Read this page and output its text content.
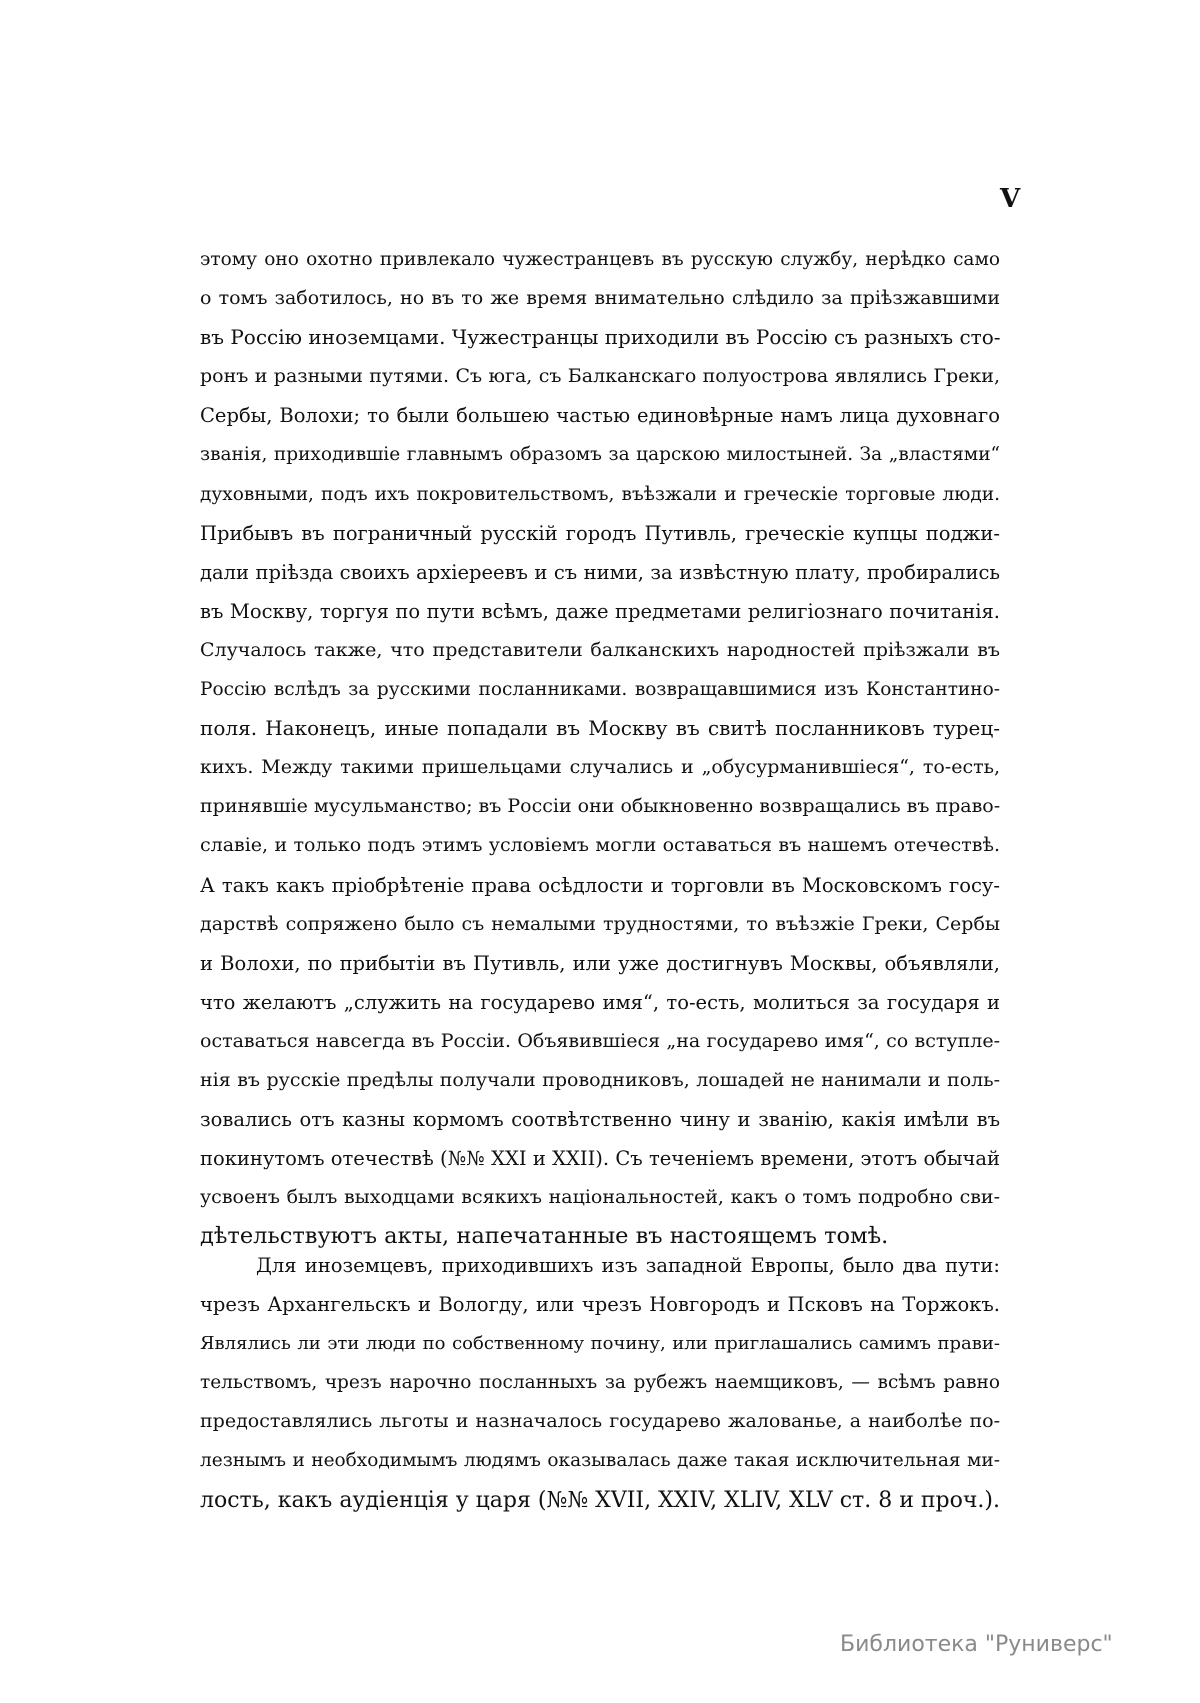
V
этому оно охотно привлекало чужестранцевъ въ русскую службу, нерѣдко само
о томъ заботилось, но въ то же время внимательно слѣдило за прiѣзжавшими
въ Россiю иноземцами. Чужестранцы приходили въ Россiю съ разныхъ сто-
ронъ и разными путями. Съ юга, съ Балканскаго полуострова являлись Греки,
Сербы, Волохи; то были большею частью единовѣрные намъ лица духовнаго
званiя, приходившiе главнымъ образомъ за царскою милостыней. За „властями“
духовными, подъ ихъ покровительствомъ, въѣзжали и греческiе торговые люди.
Прибывъ въ пограничный русскiй городъ Путивль, греческiе купцы поджи-
дали прiѣзда своихъ архiереевъ и съ ними, за извѣстную плату, пробирались
въ Москву, торгуя по пути всѣмъ, даже предметами религiознаго почитанiя.
Случалось также, что представители балканскихъ народностей прiѣзжали въ
Россiю вслѣдъ за русскими посланниками. возвращавшимися изъ Константино-
поля. Наконецъ, иные попадали въ Москву въ свитѣ посланниковъ турец-
кихъ. Между такими пришельцами случались и „обусурманившiеся“, то-есть,
принявшiе мусульманство; въ Россiи они обыкновенно возвращались въ право-
славiе, и только подъ этимъ условiемъ могли оставаться въ нашемъ отечествѣ.
А такъ какъ прiобрѣтенiе права осѣдлости и торговли въ Московскомъ госу-
дарствѣ сопряжено было съ немалыми трудностями, то въѣзжiе Греки, Сербы
и Волохи, по прибытiи въ Путивль, или уже достигнувъ Москвы, объявляли,
что желаютъ „служить на государево имя“, то-есть, молиться за государя и
оставаться навсегда въ Россiи. Объявившiеся „на государево имя“, со вступле-
нiя въ русскiе предѣлы получали проводниковъ, лошадей не нанимали и поль-
зовались отъ казны кормомъ соотвѣтственно чину и званiю, какiя имѣли въ
покинутомъ отечествѣ (№№ XXI и XXII). Съ теченiемъ времени, этотъ обычай
усвоенъ былъ выходцами всякихъ нацiональностей, какъ о томъ подробно сви-
дѣтельствуютъ акты, напечатанные въ настоящемъ томѣ.
Для иноземцевъ, приходившихъ изъ западной Европы, было два пути:
чрезъ Архангельскъ и Вологду, или чрезъ Новгородъ и Псковъ на Торжокъ.
Являлись ли эти люди по собственному почину, или приглашались самимъ прави-
тельствомъ, чрезъ нарочно посланныхъ за рубежъ наемщиковъ, — всѣмъ равно
предоставлялись льготы и назначалось государево жалованье, а наиболѣе по-
лезнымъ и необходимымъ людямъ оказывалась даже такая исключительная ми-
лость, какъ аудiенцiя у царя (№№ XVII, XXIV, XLIV, XLV ст. 8 и проч.).
Библиотека "Руниверс"
